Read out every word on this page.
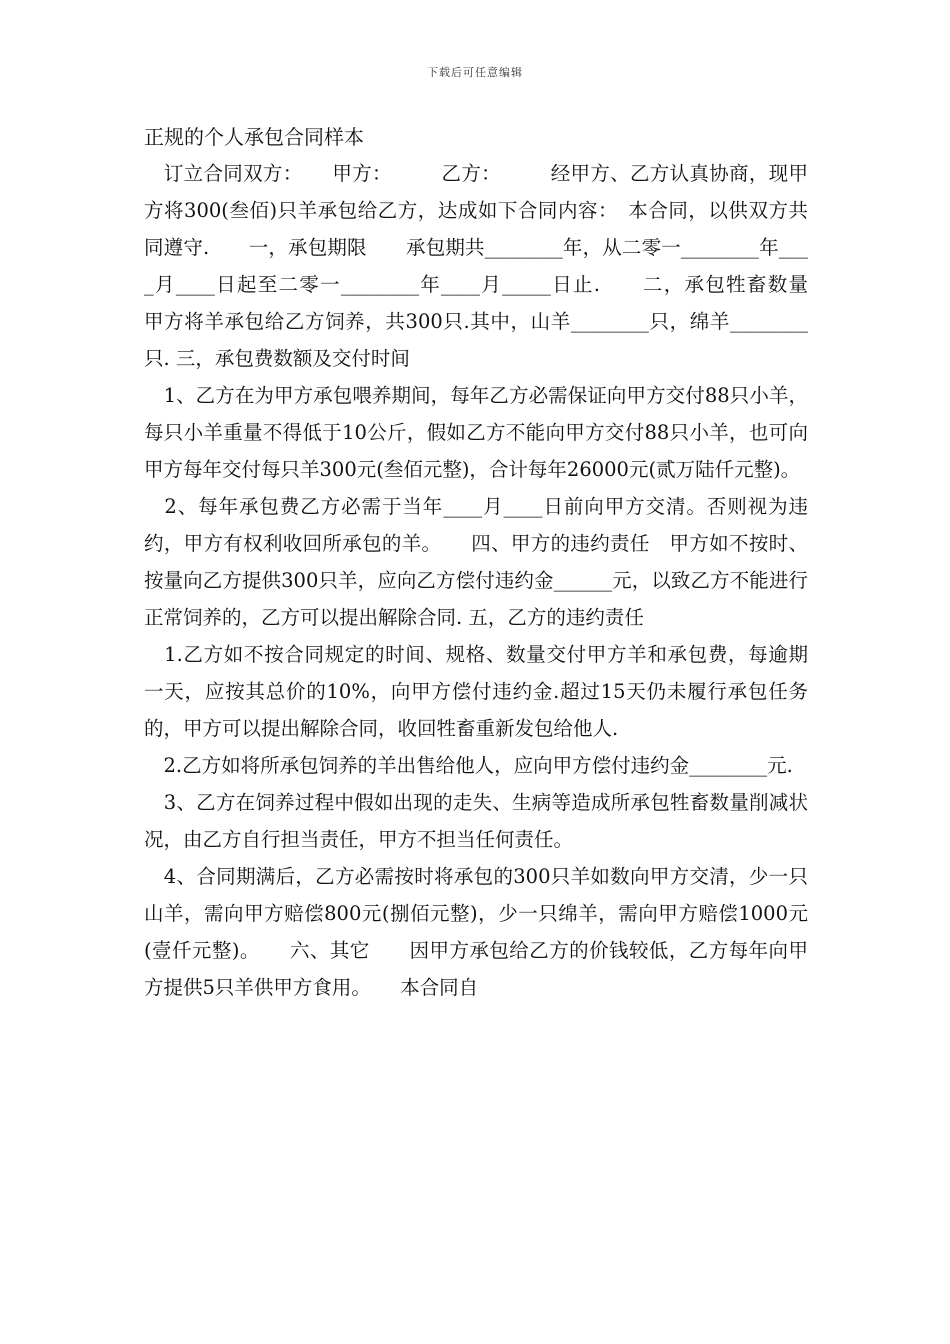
下载后可任意编辑
正规的个人承包合同样本

　订立合同双方：　　甲方：　　　乙方：　　　经甲方、乙方认真协商，现甲方将300(叁佰)只羊承包给乙方，达成如下合同内容：　本合同，以供双方共同遵守.　　一，承包期限　　承包期共________年，从二零一________年____月____日起至二零一________年____月_____日止.　　二，承包牲畜数量　　甲方将羊承包给乙方饲养，共300只.其中，山羊________只，绵羊________只. 三，承包费数额及交付时间

　1、乙方在为甲方承包喂养期间，每年乙方必需保证向甲方交付88只小羊，每只小羊重量不得低于10公斤，假如乙方不能向甲方交付88只小羊，也可向甲方每年交付每只羊300元(叁佰元整)，合计每年26000元(贰万陆仟元整)。

　2、每年承包费乙方必需于当年____月____日前向甲方交清。否则视为违约，甲方有权利收回所承包的羊。　　四、甲方的违约责任　甲方如不按时、按量向乙方提供300只羊，应向乙方偿付违约金______元，以致乙方不能进行正常饲养的，乙方可以提出解除合同. 五，乙方的违约责任

　1.乙方如不按合同规定的时间、规格、数量交付甲方羊和承包费，每逾期 一天，应按其总价的10%，向甲方偿付违约金.超过15天仍未履行承包任务的，甲方可以提出解除合同，收回牲畜重新发包给他人.

　2.乙方如将所承包饲养的羊出售给他人，应向甲方偿付违约金________元.

　3、乙方在饲养过程中假如出现的走失、生病等造成所承包牲畜数量削减状况，由乙方自行担当责任，甲方不担当任何责任。

　4、合同期满后，乙方必需按时将承包的300只羊如数向甲方交清，少一只山羊，需向甲方赔偿800元(捌佰元整)，少一只绵羊，需向甲方赔偿1000元(壹仟元整)。　　六、其它　　因甲方承包给乙方的价钱较低，乙方每年向甲方提供5只羊供甲方食用。　　本合同自
